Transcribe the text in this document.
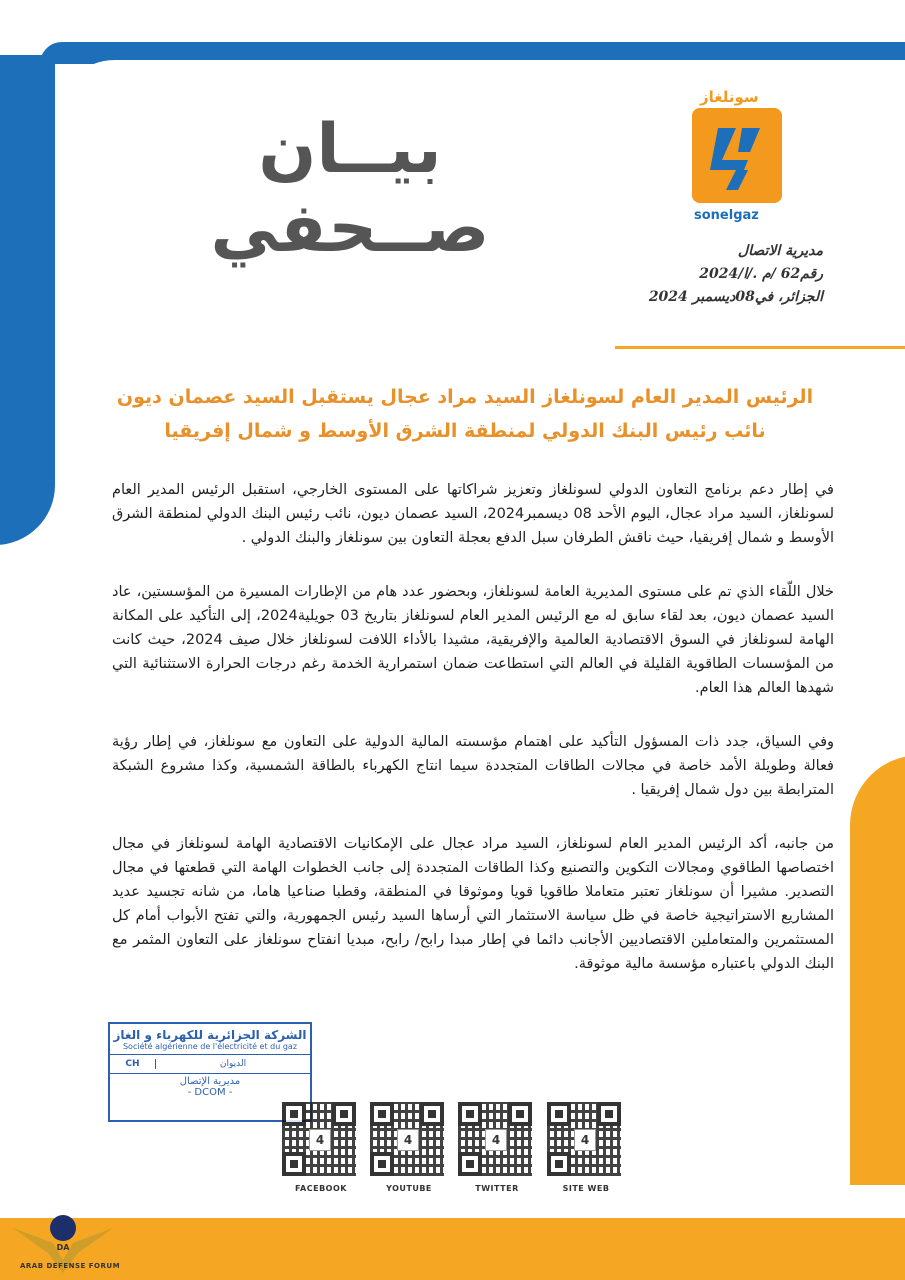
بيــان صــحفي
سونلغاز
sonelgaz
مديرية الاتصال
رقم62 /م ./ا/2024
الجزائر، في08ديسمبر 2024
الرئيس المدير العام لسونلغاز السيد مراد عجال يستقبل السيد عصمان ديون نائب رئيس البنك الدولي لمنطقة الشرق الأوسط و شمال إفريقيا

في إطار دعم برنامج التعاون الدولي لسونلغاز وتعزيز شراكاتها على المستوى الخارجي، استقبل الرئيس المدير العام لسونلغاز، السيد مراد عجال، اليوم الأحد 08 ديسمبر2024، السيد عصمان ديون، نائب رئيس البنك الدولي لمنطقة الشرق الأوسط و شمال إفريقيا، حيث ناقش الطرفان سبل الدفع بعجلة التعاون بين سونلغاز والبنك الدولي .

خلال اللّقاء الذي تم على مستوى المديرية العامة لسونلغاز، وبحضور عدد هام من الإطارات المسيرة من المؤسستين، عاد السيد عصمان ديون، بعد لقاء سابق له مع الرئيس المدير العام لسونلغاز بتاريخ 03 جويلية2024، إلى التأكيد على المكانة الهامة لسونلغاز في السوق الاقتصادية العالمية والإفريقية، مشيدا بالأداء اللافت لسونلغاز خلال صيف 2024، حيث كانت من المؤسسات الطاقوية القليلة في العالم التي استطاعت ضمان استمرارية الخدمة رغم درجات الحرارة الاستثنائية التي شهدها العالم هذا العام.

وفي السياق، جدد ذات المسؤول التأكيد على اهتمام مؤسسته المالية الدولية على التعاون مع سونلغاز، في إطار رؤية فعالة وطويلة الأمد خاصة في مجالات الطاقات المتجددة سيما انتاج الكهرباء بالطاقة الشمسية، وكذا مشروع الشبكة المترابطة بين دول شمال إفريقيا .

من جانبه، أكد الرئيس المدير العام لسونلغاز، السيد مراد عجال على الإمكانيات الاقتصادية الهامة لسونلغاز في مجال اختصاصها الطاقوي ومجالات التكوين والتصنيع وكذا الطاقات المتجددة إلى جانب الخطوات الهامة التي قطعتها في مجال التصدير. مشيرا أن سونلغاز تعتبر متعاملا طاقويا قويا وموثوقا في المنطقة، وقطبا صناعيا هاما، من شانه تجسيد عديد المشاريع الاستراتيجية خاصة في ظل سياسة الاستثمار التي أرساها السيد رئيس الجمهورية، والتي تفتح الأبواب أمام كل المستثمرين والمتعاملين الاقتصاديين الأجانب دائما في إطار مبدا رابح/ رابح، مبديا انفتاح سونلغاز على التعاون المثمر مع البنك الدولي باعتباره مؤسسة مالية موثوقة.

الشركة الجزائرية للكهرباء و الغاز
Société algérienne de l'électricité et du gaz
CH	الديوان
مديرية الإتصال
- DCOM -
4
FACEBOOK
4
YOUTUBE
4
TWITTER
4
SITE WEB
DA
ARAB DEFENSE FORUM
